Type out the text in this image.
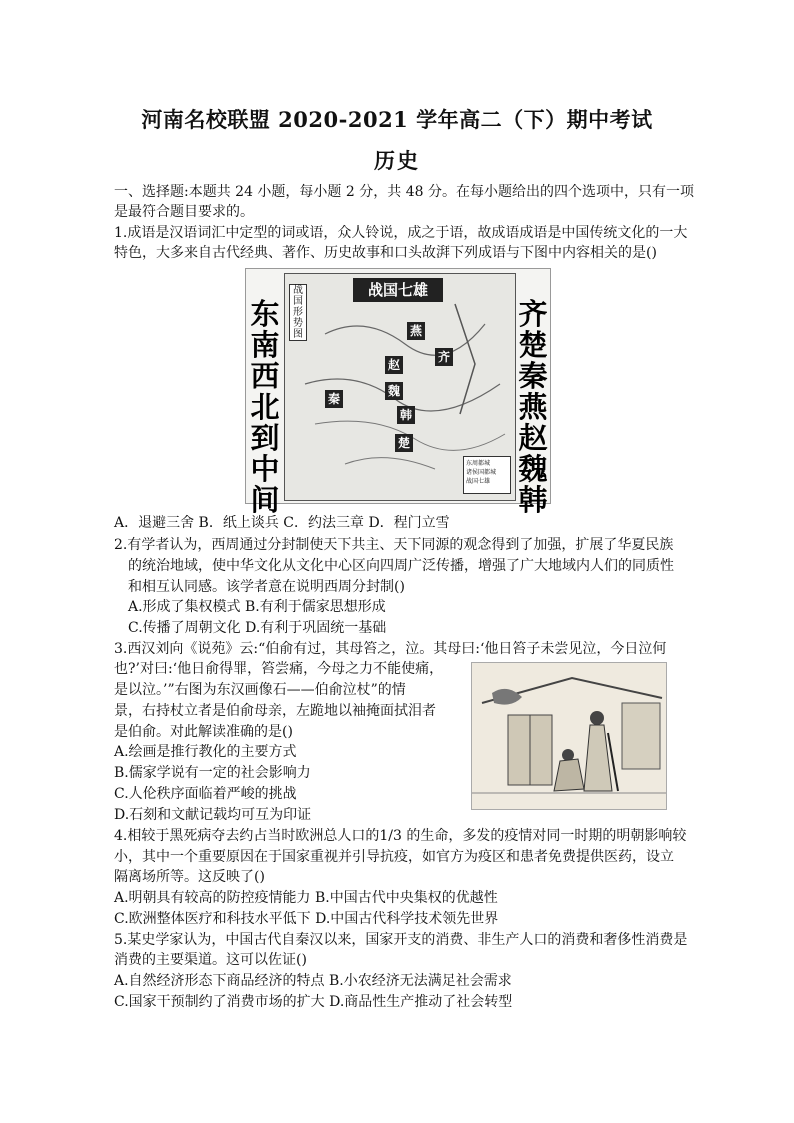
河南名校联盟 2020-2021 学年高二（下）期中考试
历史
一、选择题:本题共 24 小题，每小题 2 分，共 48 分。在每小题给出的四个选项中，只有一项
是最符合题目要求的。
1.成语是汉语词汇中定型的词或语，众人铃说，成之于语，故成语成语是中国传统文化的一大
特色，大多来自古代经典、著作、历史故事和口头故湃下列成语与下图中内容相关的是()
东
南
西
北
到
中
间
战国七雄
战国形势图	燕
齐
赵
魏
秦
韩
楚
东周都城
诸侯国都城
战国七雄
齐
楚
秦
燕
赵
魏
韩
A．退避三舍 B．纸上谈兵 C．约法三章 D．程门立雪
2.有学者认为，西周通过分封制使天下共主、天下同源的观念得到了加强，扩展了华夏民族
的统治地域，使中华文化从文化中心区向四周广泛传播，增强了广大地域内人们的同质性
和相互认同感。该学者意在说明西周分封制()
A.形成了集权模式 B.有利于儒家思想形成
C.传播了周朝文化 D.有利于巩固统一基础
3.西汉刘向《说苑》云:“伯俞有过，其母笞之，泣。其母曰:‘他日笞子未尝见泣，今日泣何
也?’对曰:‘他日俞得罪，笞尝痛，今母之力不能使痛，
是以泣。’”右图为东汉画像石——伯俞泣杖”的情
景，右持杖立者是伯俞母亲，左跪地以袖掩面拭泪者
是伯俞。对此解读准确的是()
A.绘画是推行教化的主要方式
B.儒家学说有一定的社会影响力
C.人伦秩序面临着严峻的挑战
D.石刻和文献记载均可互为印证
4.相较于黑死病夺去约占当时欧洲总人口的1/3 的生命，多发的疫情对同一时期的明朝影响较
小，其中一个重要原因在于国家重视并引导抗疫，如官方为疫区和患者免费提供医药，设立
隔离场所等。这反映了()
A.明朝具有较高的防控疫情能力 B.中国古代中央集权的优越性
C.欧洲整体医疗和科技水平低下 D.中国古代科学技术领先世界
5.某史学家认为，中国古代自秦汉以来，国家开支的消费、非生产人口的消费和奢侈性消费是
消费的主要渠道。这可以佐证()
A.自然经济形态下商品经济的特点 B.小农经济无法满足社会需求
C.国家干预制约了消费市场的扩大 D.商品性生产推动了社会转型
